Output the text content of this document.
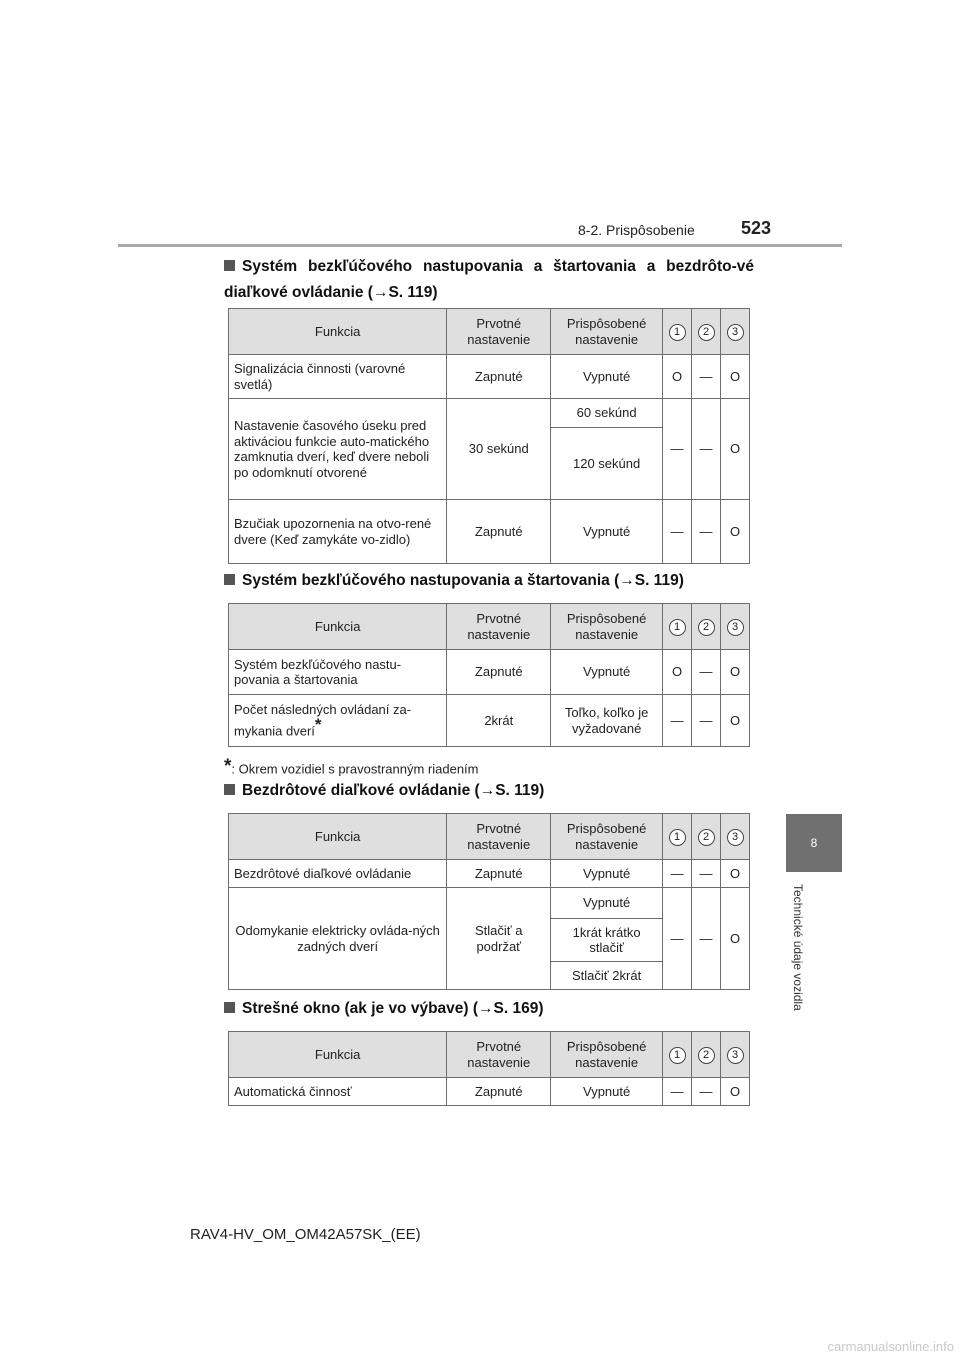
8-2. Prispôsobenie	523
8
Technické údaje vozidla
Systém bezkľúčového nastupovania a štartovania a bezdrôto-vé diaľkové ovládanie (→S. 119)
Funkcia	Prvotné nastavenie	Prispôsobené nastavenie	1	2	3
Signalizácia činnosti (varovné svetlá)	Zapnuté	Vypnuté	O	—	O
Nastavenie časového úseku pred aktiváciou funkcie auto-matického zamknutia dverí, keď dvere neboli po odomknutí otvorené	30 sekúnd	60 sekúnd	—	—	O
		120 sekúnd			
Bzučiak upozornenia na otvo-rené dvere (Keď zamykáte vo-zidlo)	Zapnuté	Vypnuté	—	—	O
Systém bezkľúčového nastupovania a štartovania (→S. 119)
Funkcia	Prvotné nastavenie	Prispôsobené nastavenie	1	2	3
Systém bezkľúčového nastu-povania a štartovania	Zapnuté	Vypnuté	O	—	O
Počet následných ovládaní za-mykania dverí*	2krát	Toľko, koľko je vyžadované	—	—	O
*: Okrem vozidiel s pravostranným riadením
Bezdrôtové diaľkové ovládanie (→S. 119)
Funkcia	Prvotné nastavenie	Prispôsobené nastavenie	1	2	3
Bezdrôtové diaľkové ovládanie	Zapnuté	Vypnuté	—	—	O
Odomykanie elektricky ovláda-ných zadných dverí	Stlačiť a podržať	Vypnuté	—	—	O
		1krát krátko stlačiť			
		Stlačiť 2krát			
Strešné okno (ak je vo výbave) (→S. 169)
Funkcia	Prvotné nastavenie	Prispôsobené nastavenie	1	2	3
Automatická činnosť	Zapnuté	Vypnuté	—	—	O
RAV4-HV_OM_OM42A57SK_(EE)
carmanualsonline.info
